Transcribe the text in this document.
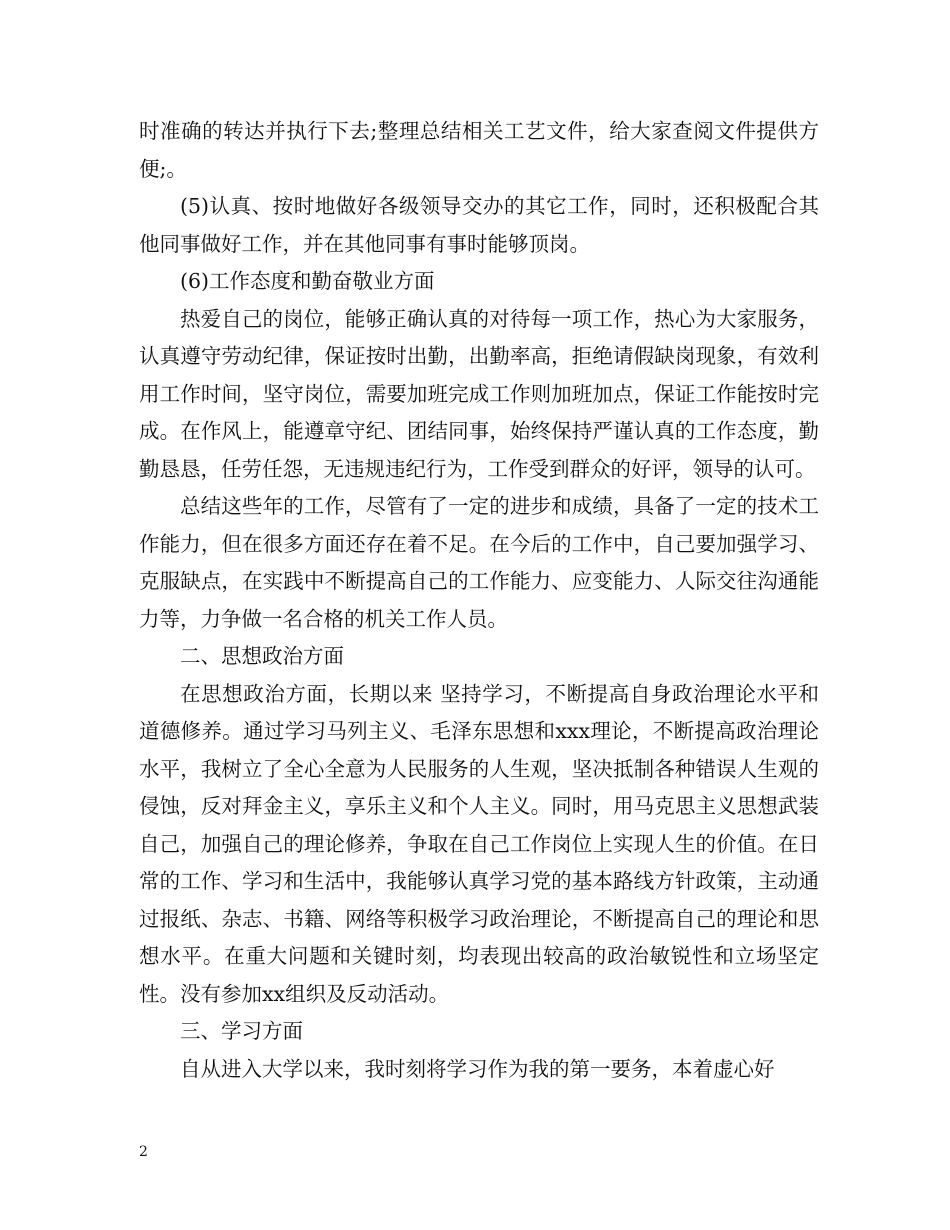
时准确的转达并执行下去;整理总结相关工艺文件，给大家查阅文件提供方便;。

(5)认真、按时地做好各级领导交办的其它工作，同时，还积极配合其他同事做好工作，并在其他同事有事时能够顶岗。

(6)工作态度和勤奋敬业方面

热爱自己的岗位，能够正确认真的对待每一项工作，热心为大家服务，认真遵守劳动纪律，保证按时出勤，出勤率高，拒绝请假缺岗现象，有效利用工作时间，坚守岗位，需要加班完成工作则加班加点，保证工作能按时完成。在作风上，能遵章守纪、团结同事，始终保持严谨认真的工作态度，勤勤恳恳，任劳任怨，无违规违纪行为，工作受到群众的好评，领导的认可。

总结这些年的工作，尽管有了一定的进步和成绩，具备了一定的技术工作能力，但在很多方面还存在着不足。在今后的工作中，自己要加强学习、克服缺点，在实践中不断提高自己的工作能力、应变能力、人际交往沟通能力等，力争做一名合格的机关工作人员。

二、思想政治方面

在思想政治方面，长期以来 坚持学习，不断提高自身政治理论水平和道德修养。通过学习马列主义、毛泽东思想和xxx理论，不断提高政治理论水平，我树立了全心全意为人民服务的人生观，坚决抵制各种错误人生观的侵蚀，反对拜金主义，享乐主义和个人主义。同时，用马克思主义思想武装自己，加强自己的理论修养，争取在自己工作岗位上实现人生的价值。在日常的工作、学习和生活中，我能够认真学习党的基本路线方针政策，主动通过报纸、杂志、书籍、网络等积极学习政治理论，不断提高自己的理论和思想水平。在重大问题和关键时刻，均表现出较高的政治敏锐性和立场坚定性。没有参加xx组织及反动活动。

三、学习方面

自从进入大学以来，我时刻将学习作为我的第一要务，本着虚心好

2
